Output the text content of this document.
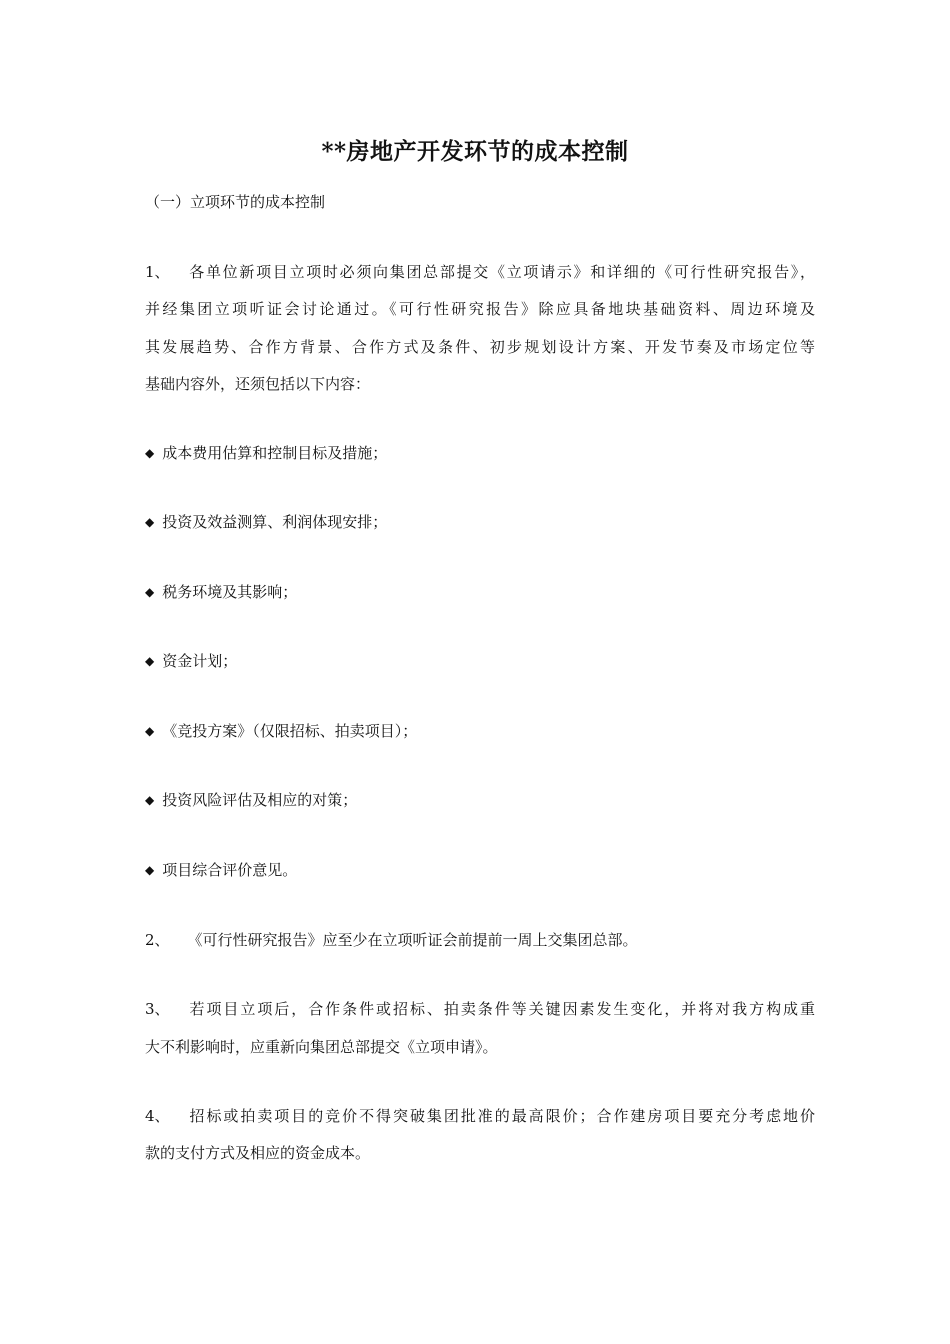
**房地产开发环节的成本控制
（一）立项环节的成本控制
1、 各单位新项目立项时必须向集团总部提交《立项请示》和详细的《可行性研究报告》，
并经集团立项听证会讨论通过。《可行性研究报告》除应具备地块基础资料、周边环境及
其发展趋势、合作方背景、合作方式及条件、初步规划设计方案、开发节奏及市场定位等
基础内容外，还须包括以下内容：
◆ 成本费用估算和控制目标及措施；
◆ 投资及效益测算、利润体现安排；
◆ 税务环境及其影响；
◆ 资金计划；
◆ 《竞投方案》（仅限招标、拍卖项目）；
◆ 投资风险评估及相应的对策；
◆ 项目综合评价意见。
2、 《可行性研究报告》应至少在立项听证会前提前一周上交集团总部。
3、 若项目立项后，合作条件或招标、拍卖条件等关键因素发生变化，并将对我方构成重
大不利影响时，应重新向集团总部提交《立项申请》。
4、 招标或拍卖项目的竞价不得突破集团批准的最高限价；合作建房项目要充分考虑地价
款的支付方式及相应的资金成本。
